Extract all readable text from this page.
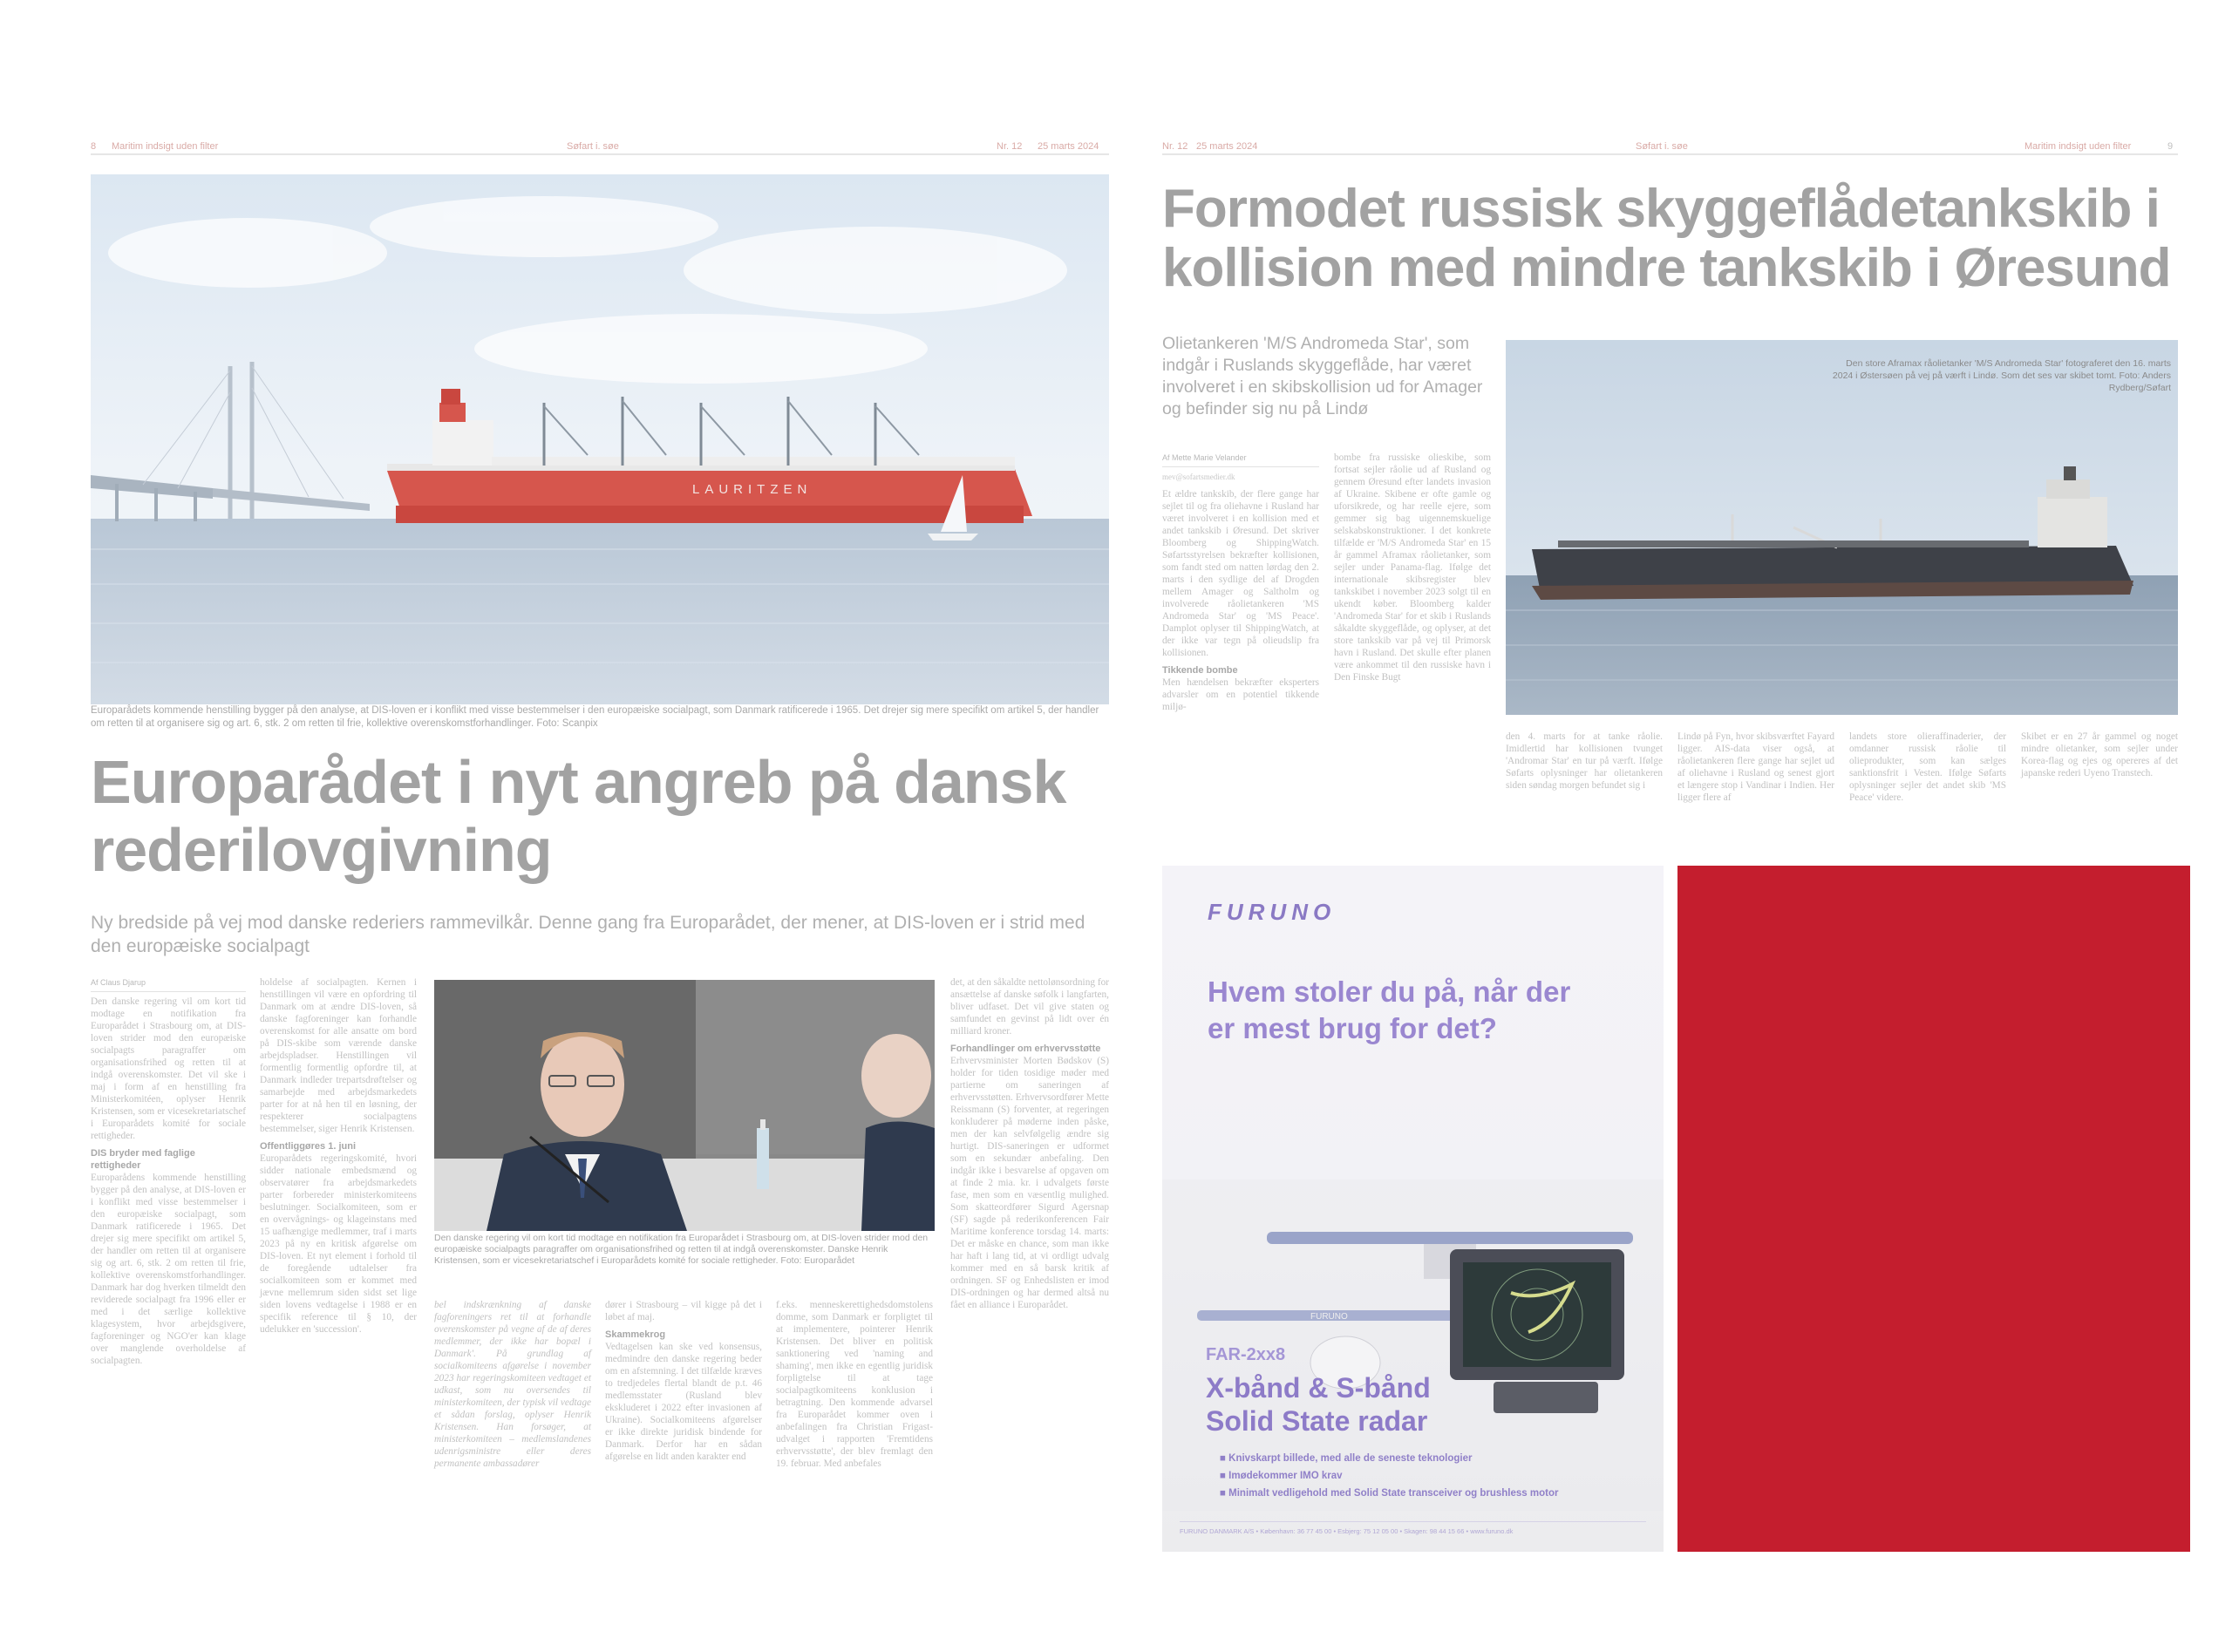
8 Maritim indsigt uden filter	Søfart i. søe	Nr. 12 25 marts 2024	Nr. 12 25 marts 2024	Søfart i. søe	Maritim indsigt uden filter	9
LAURITZEN
Europarådets kommende henstilling bygger på den analyse, at DIS-loven er i konflikt med visse bestemmelser i den europæiske socialpagt, som Danmark ratificerede i 1965. Det drejer sig mere specifikt om artikel 5, der handler om retten til at organisere sig og art. 6, stk. 2 om retten til frie, kollektive overenskomstforhandlinger. Foto: Scanpix
Europarådet i nyt angreb på dansk
rederilovgivning
Ny bredside på vej mod danske rederiers rammevilkår. Denne gang fra Europarådet, der mener, at DIS-loven er i strid med den europæiske socialpagt
Af Claus Djarup
Den danske regering vil om kort tid modtage en notifikation fra Europarådet i Strasbourg om, at DIS-loven strider mod den europæiske socialpagts paragraffer om organisationsfrihed og retten til at indgå overenskomster. Det vil ske i maj i form af en henstilling fra Ministerkomitéen, oplyser Henrik Kristensen, som er vicesekretariatschef i Europarådets komité for sociale rettigheder.
DIS bryder med faglige rettigheder
Europarådens kommende henstilling bygger på den analyse, at DIS-loven er i konflikt med visse bestemmelser i den europæiske socialpagt, som Danmark ratificerede i 1965. Det drejer sig mere specifikt om artikel 5, der handler om retten til at organisere sig og art. 6, stk. 2 om retten til frie, kollektive overenskomstforhandlinger. Danmark har dog hverken tilmeldt den reviderede socialpagt fra 1996 eller er med i det særlige kollektive klagesystem, hvor arbejdsgivere, fagforeninger og NGO'er kan klage over manglende overholdelse af socialpagten.
holdelse af socialpagten. Kernen i henstillingen vil være en opfordring til Danmark om at ændre DIS-loven, så danske fagforeninger kan forhandle overenskomst for alle ansatte om bord på DIS-skibe som værende danske arbejdspladser. Henstillingen vil formentlig formentlig opfordre til, at Danmark indleder trepartsdrøftelser og samarbejde med arbejdsmarkedets parter for at nå hen til en løsning, der respekterer socialpagtens bestemmelser, siger Henrik Kristensen.
Offentliggøres 1. juni
Europarådets regeringskomité, hvori sidder nationale embedsmænd og observatører fra arbejdsmarkedets parter forbereder ministerkomiteens beslutninger. Socialkomiteen, som er en overvågnings- og klageinstans med 15 uafhængige medlemmer, traf i marts 2023 på ny en kritisk afgørelse om DIS-loven. Et nyt element i forhold til de foregående udtalelser fra socialkomiteen som er kommet med jævne mellemrum siden sidst set lige siden lovens vedtagelse i 1988 er en specifik reference til § 10, der udelukker en 'succession'.
Den danske regering vil om kort tid modtage en notifikation fra Europarådet i Strasbourg om, at DIS-loven strider mod den europæiske socialpagts paragraffer om organisationsfrihed og retten til at indgå overenskomster. Danske Henrik Kristensen, som er vicesekretariatschef i Europarådets komité for sociale rettigheder. Foto: Europarådet
bel indskrænkning af danske fagforeningers ret til at forhandle overenskomster på vegne af de af deres medlemmer, der ikke har bopæl i Danmark'. På grundlag af socialkomiteens afgørelse i november 2023 har regeringskomiteen vedtaget et udkast, som nu oversendes til ministerkomiteen, der typisk vil vedtage et sådan forslag, oplyser Henrik Kristensen. Han forsøger, at ministerkomiteen – medlemslandenes udenrigsministre eller deres permanente ambassadører
dører i Strasbourg – vil kigge på det i løbet af maj.
Skammekrog
Vedtagelsen kan ske ved konsensus, medmindre den danske regering beder om en afstemning. I det tilfælde kræves to tredjedeles flertal blandt de p.t. 46 medlemsstater (Rusland blev ekskluderet i 2022 efter invasionen af Ukraine). Socialkomiteens afgørelser er ikke direkte juridisk bindende for Danmark. Derfor har en sådan afgørelse en lidt anden karakter end
f.eks. menneskerettighedsdomstolens domme, som Danmark er forpligtet til at implementere, pointerer Henrik Kristensen. Det bliver en politisk sanktionering ved 'naming and shaming', men ikke en egentlig juridisk forpligtelse til at tage socialpagtkomiteens konklusion i betragtning. Den kommende advarsel fra Europarådet kommer oven i anbefalingen fra Christian Frigast-udvalget i rapporten 'Fremtidens erhvervsstøtte', der blev fremlagt den 19. februar. Med anbefales
det, at den såkaldte nettolønsordning for ansættelse af danske søfolk i langfarten, bliver udfaset. Det vil give staten og samfundet en gevinst på lidt over én milliard kroner.
Forhandlinger om erhvervsstøtte
Erhvervsminister Morten Bødskov (S) holder for tiden tosidige møder med partierne om saneringen af erhvervsstøtten. Erhvervsordfører Mette Reissmann (S) forventer, at regeringen konkluderer på møderne inden påske, men der kan selvfølgelig ændre sig hurtigt. DIS-saneringen er udformet som en sekundær anbefaling. Den indgår ikke i besvarelse af opgaven om at finde 2 mia. kr. i udvalgets første fase, men som en væsentlig mulighed. Som skatteordfører Sigurd Agersnap (SF) sagde på rederikonferencen Fair Maritime konference torsdag 14. marts: Det er måske en chance, som man ikke har haft i lang tid, at vi ordligt udvalg kommer med en så barsk kritik af ordningen. SF og Enhedslisten er imod DIS-ordningen og har dermed altså nu fået en alliance i Europarådet.
Formodet russisk skyggeflådetankskib i
kollision med mindre tankskib i Øresund
Olietankeren 'M/S Andromeda Star', som indgår i Ruslands skyggeflåde, har været involveret i en skibskollision ud for Amager og befinder sig nu på Lindø
Den store Aframax råolietanker 'M/S Andromeda Star' fotograferet den 16. marts 2024 i Østersøen på vej på værft i Lindø. Som det ses var skibet tomt. Foto: Anders Rydberg/Søfart
Af Mette Marie Velander
mev@sofartsmedier.dk
Et ældre tankskib, der flere gange har sejlet til og fra oliehavne i Rusland har været involveret i en kollision med et andet tankskib i Øresund. Det skriver Bloomberg og ShippingWatch. Søfartsstyrelsen bekræfter kollisionen, som fandt sted om natten lørdag den 2. marts i den sydlige del af Drogden mellem Amager og Saltholm og involverede råolietankeren 'MS Andromeda Star' og 'MS Peace'. Damplot oplyser til ShippingWatch, at der ikke var tegn på olieudslip fra kollisionen.
Tikkende bombe
Men hændelsen bekræfter eksperters advarsler om en potentiel tikkende miljø-
bombe fra russiske olieskibe, som fortsat sejler råolie ud af Rusland og gennem Øresund efter landets invasion af Ukraine. Skibene er ofte gamle og uforsikrede, og har reelle ejere, som gemmer sig bag uigennemskuelige selskabskonstruktioner. I det konkrete tilfælde er 'M/S Andromeda Star' en 15 år gammel Aframax råolietanker, som sejler under Panama-flag. Ifølge det internationale skibsregister blev tankskibet i november 2023 solgt til en ukendt køber. Bloomberg kalder 'Andromeda Star' for et skib i Ruslands såkaldte skyggeflåde, og oplyser, at det store tankskib var på vej til Primorsk havn i Rusland. Det skulle efter planen være ankommet til den russiske havn i Den Finske Bugt
den 4. marts for at tanke råolie. Imidlertid har kollisionen tvunget 'Andromar Star' en tur på værft. Ifølge Søfarts oplysninger har olietankeren siden søndag morgen befundet sig i
Lindø på Fyn, hvor skibsværftet Fayard ligger. AIS-data viser også, at råolietankeren flere gange har sejlet ud af oliehavne i Rusland og senest gjort et længere stop i Vandinar i Indien. Her ligger flere af
landets store olieraffinaderier, der omdanner russisk råolie til olieprodukter, som kan sælges sanktionsfrit i Vesten. Ifølge Søfarts oplysninger sejler det andet skib 'MS Peace' videre.
Skibet er en 27 år gammel og noget mindre olietanker, som sejler under Korea-flag og ejes og opereres af det japanske rederi Uyeno Transtech.
FURUNO
Hvem stoler du på, når der
er mest brug for det?
FURUNO
FAR-2xx8
X-bånd & S-bånd
Solid State radar
■ Knivskarpt billede, med alle de seneste teknologier
■ Imødekommer IMO krav
■ Minimalt vedligehold med Solid State transceiver og brushless motor
FURUNO DANMARK A/S • København: 36 77 45 00 • Esbjerg: 75 12 05 00 • Skagen: 98 44 15 66 • www.furuno.dk
